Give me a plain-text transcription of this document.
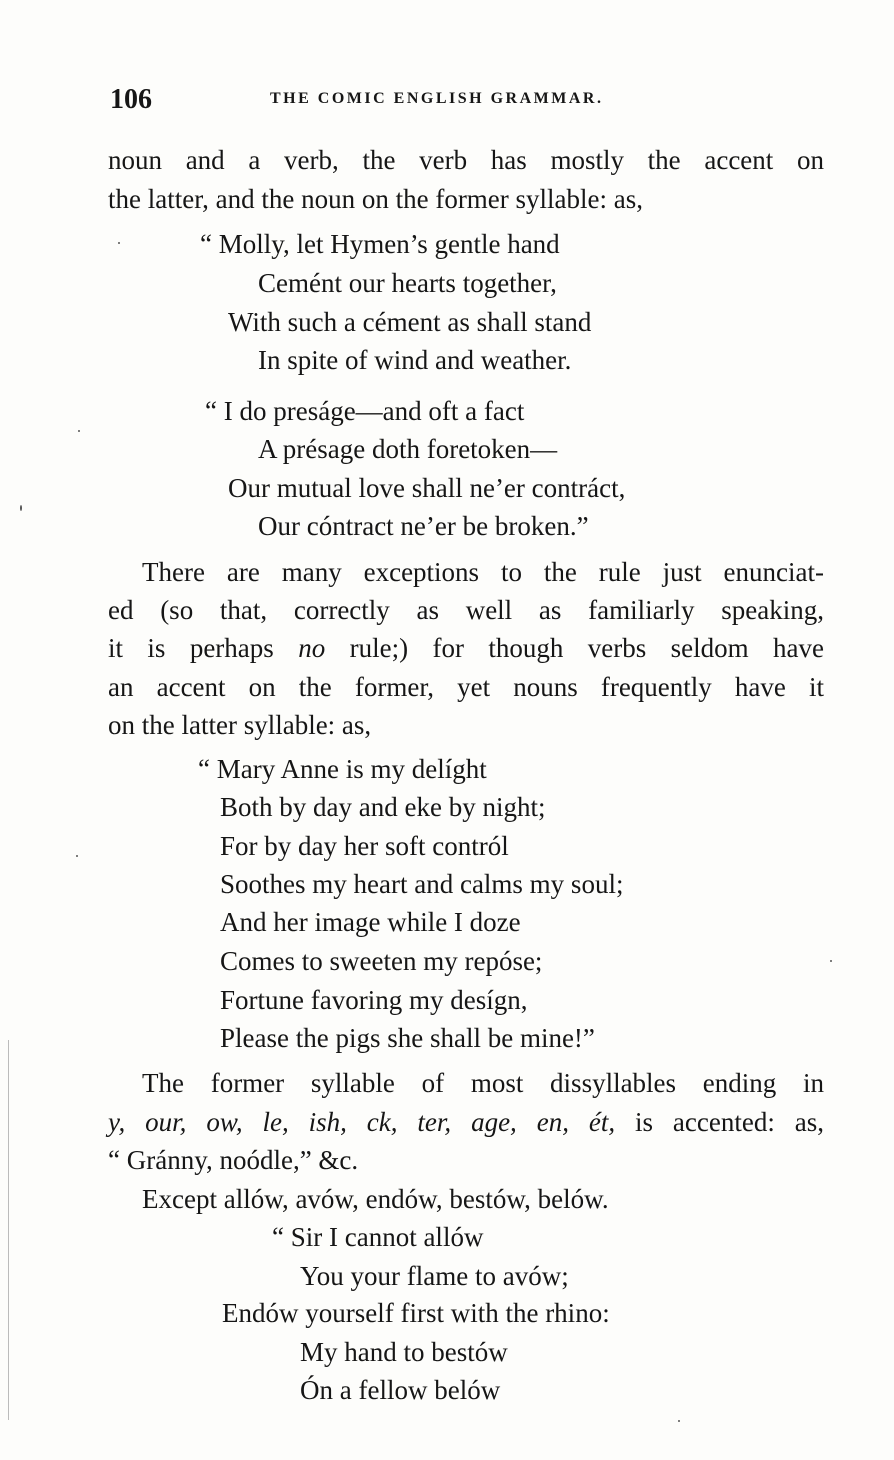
106	THE COMIC ENGLISH GRAMMAR.
noun and a verb, the verb has mostly the accent on
the latter, and the noun on the former syllable: as,
“ Molly, let Hymen’s gentle hand
Cemént our hearts together,
With such a cément as shall stand
In spite of wind and weather.
“ I do preságe—and oft a fact
A présage doth foretoken—
Our mutual love shall ne’er contráct,
Our cóntract ne’er be broken.”
There are many exceptions to the rule just enunciat-
ed (so that, correctly as well as familiarly speaking,
it is perhaps no rule;) for though verbs seldom have
an accent on the former, yet nouns frequently have it
on the latter syllable: as,
“ Mary Anne is my delíght
Both by day and eke by night;
For by day her soft contról
Soothes my heart and calms my soul;
And her image while I doze
Comes to sweeten my repóse;
Fortune favoring my desígn,
Please the pigs she shall be mine!”
The former syllable of most dissyllables ending in
y, our, ow, le, ish, ck, ter, age, en, ét, is accented: as,
“ Gránny, noódle,” &c.
Except allów, avów, endów, bestów, belów.
“ Sir I cannot allów
You your flame to avów;
Endów yourself first with the rhino:
My hand to bestów
Ón a fellow belów
